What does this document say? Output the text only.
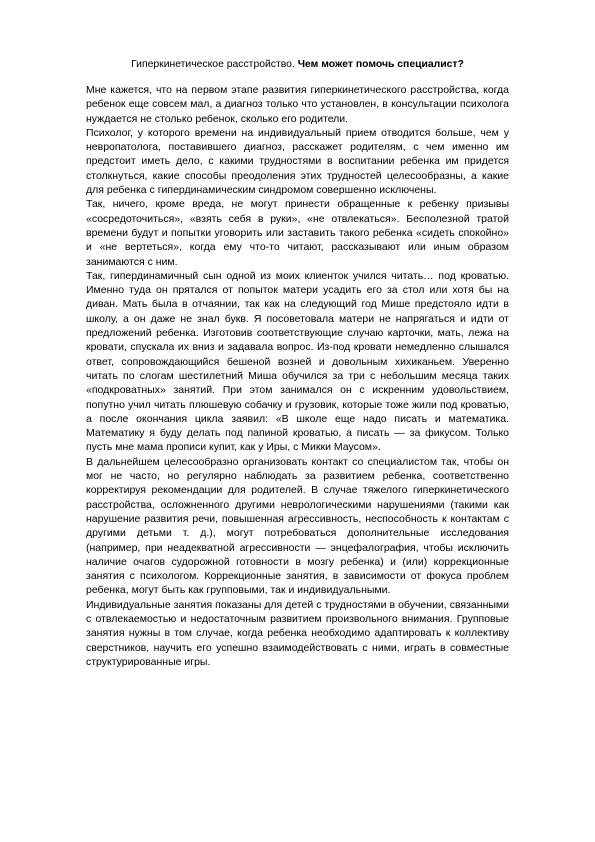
Гиперкинетическое расстройство. Чем может помочь специалист?

Мне кажется, что на первом этапе развития гиперкинетического расстройства, когда ребенок еще совсем мал, а диагноз только что установлен, в консультации психолога нуждается не столько ребенок, сколько его родители.

Психолог, у которого времени на индивидуальный прием отводится больше, чем у невропатолога, поставившего диагноз, расскажет родителям, с чем именно им предстоит иметь дело, с какими трудностями в воспитании ребенка им придется столкнуться, какие способы преодоления этих трудностей целесообразны, а какие для ребенка с гипердинамическим синдромом совершенно исключены.

Так, ничего, кроме вреда, не могут принести обращенные к ребенку призывы «сосредоточиться», «взять себя в руки», «не отвлекаться». Бесполезной тратой времени будут и попытки уговорить или заставить такого ребенка «сидеть спокойно» и «не вертеться», когда ему что-то читают, рассказывают или иным образом занимаются с ним.

Так, гипердинамичный сын одной из моих клиенток учился читать… под кроватью. Именно туда он прятался от попыток матери усадить его за стол или хотя бы на диван. Мать была в отчаянии, так как на следующий год Мише предстояло идти в школу, а он даже не знал букв. Я посоветовала матери не напрягаться и идти от предложений ребенка. Изготовив соответствующие случаю карточки, мать, лежа на кровати, спускала их вниз и задавала вопрос. Из-под кровати немедленно слышался ответ, сопровождающийся бешеной возней и довольным хихиканьем. Уверенно читать по слогам шестилетний Миша обучился за три с небольшим месяца таких «подкроватных» занятий. При этом занимался он с искренним удовольствием, попутно учил читать плюшевую собачку и грузовик, которые тоже жили под кроватью, а после окончания цикла заявил: «В школе еще надо писать и математика. Математику я буду делать под папиной кроватью, а писать — за фикусом. Только пусть мне мама прописи купит, как у Иры, с Микки Маусом».

В дальнейшем целесообразно организовать контакт со специалистом так, чтобы он мог не часто, но регулярно наблюдать за развитием ребенка, соответственно корректируя рекомендации для родителей. В случае тяжелого гиперкинетического расстройства, осложненного другими неврологическими нарушениями (такими как нарушение развития речи, повышенная агрессивность, неспособность к контактам с другими детьми т. д.), могут потребоваться дополнительные исследования (например, при неадекватной агрессивности — энцефалография, чтобы исключить наличие очагов судорожной готовности в мозгу ребенка) и (или) коррекционные занятия с психологом. Коррекционные занятия, в зависимости от фокуса проблем ребенка, могут быть как групповыми, так и индивидуальными.

Индивидуальные занятия показаны для детей с трудностями в обучении, связанными с отвлекаемостью и недостаточным развитием произвольного внимания. Групповые занятия нужны в том случае, когда ребенка необходимо адаптировать к коллективу сверстников, научить его успешно взаимодействовать с ними, играть в совместные структурированные игры.
